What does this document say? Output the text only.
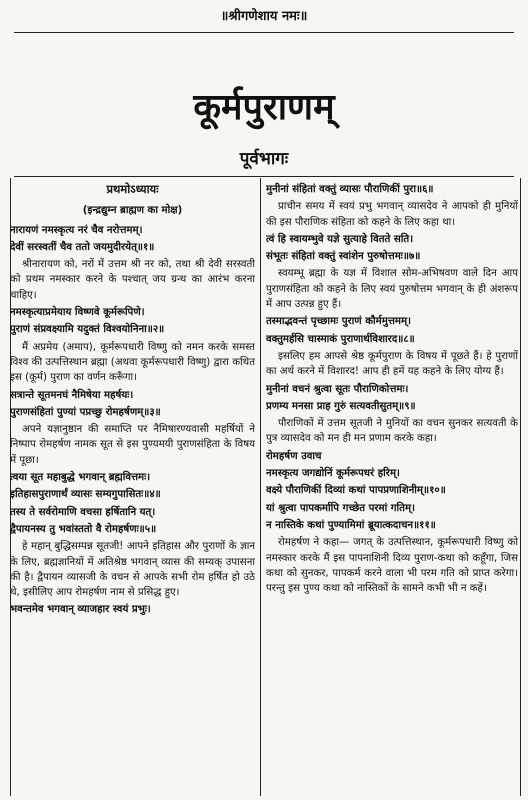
॥श्रीगणेशाय नमः॥
कूर्मपुराणम्
पूर्वभागः

प्रथमोऽध्यायः

(इन्द्रद्युम्न ब्राह्मण का मोक्ष)

नारायणं नमस्कृत्य नरं चैव नरोत्तमम्।

देवीं सरस्वतीं चैव ततो जयमुदीरयेत्॥१॥

श्रीनारायण को, नरों में उत्तम श्री नर को, तथा श्री देवी सरस्वती को प्रथम नमस्कार करने के पश्चात् जय ग्रन्थ का आरंभ करना चाहिए।

नमस्कृत्याप्रमेयाय विष्णवे कूर्मरूपिणे।

पुराणं संप्रवक्ष्यामि यदुक्तं विश्वयोनिना॥२॥

मैं अप्रमेय (अमाप), कूर्मरूपधारी विष्णु को नमन करके समस्त विश्व की उत्पत्तिस्थान ब्रह्मा (अथवा कूर्मरूपधारी विष्णु) द्वारा कथित इस (कूर्म) पुराण का वर्णन करूँगा।

सत्रान्ते सूतमनघं नैमिषेया महर्षयः।

पुराणसंहितां पुण्यां पप्रच्छु रोमहर्षणम्॥३॥

अपने यज्ञानुष्ठान की समाप्ति पर नैमिषारण्यवासी महर्षियों ने निष्पाप रोमहर्षण नामक सूत से इस पुण्यमयी पुराणसंहिता के विषय में पूछा।

त्वया सूत महाबुद्धे भगवान् ब्रह्मवित्तमः।

इतिहासपुराणार्थं व्यासः सम्यगुपासितः॥४॥

तस्य ते सर्वरोमाणि वचसा हर्षितानि यत्।

द्वैपायनस्य तु भवांस्ततो वै रोमहर्षणः॥५॥

हे महान् बुद्धिसम्पन्न सूतजी! आपने इतिहास और पुराणों के ज्ञान के लिए, ब्रह्मज्ञानियों में अतिश्रेष्ठ भगवान् व्यास की सम्यक् उपासना की है। द्वैपायन व्यासजी के वचन से आपके सभी रोम हर्षित हो उठे थे, इसीलिए आप रोमहर्षण नाम से प्रसिद्ध हुए।

भवन्तमेव भगवान् व्याजहार स्वयं प्रभुः।

मुनीनां संहितां वक्तुं व्यासः पौराणिकीं पुरा॥६॥

प्राचीन समय में स्वयं प्रभु भगवान् व्यासदेव ने आपको ही मुनियों की इस पौराणिक संहिता को कहने के लिए कहा था।

त्वं हि स्वायम्भुवे यज्ञे सुत्याहे वितते सति।

संभूतः संहितां वक्तुं स्वांशेन पुरुषोत्तमः॥७॥

स्वयम्भू ब्रह्मा के यज्ञ में विशाल सोम-अभिषवण वाले दिन आप पुराणसंहिता को कहने के लिए स्वयं पुरुषोत्तम भगवान् के ही अंशरूप में आप उत्पन्न हुए हैं।

तस्माद्भवन्तं पृच्छामः पुराणं कौर्ममुत्तमम्।

वक्तुमर्हसि चास्माकं पुराणार्थविशारद॥८॥

इसलिए हम आपसे श्रेष्ठ कूर्मपुराण के विषय में पूछते हैं। हे पुराणों का अर्थ करने में विशारद! आप ही हमें यह कहने के लिए योग्य हैं।

मुनीनां वचनं श्रुत्वा सूतः पौराणिकोत्तमः।

प्रणम्य मनसा प्राह गुरुं सत्यवतीसुतम्॥९॥

पौराणिकों में उत्तम सूतजी ने मुनियों का वचन सुनकर सत्यवती के पुत्र व्यासदेव को मन ही मन प्रणाम करके कहा।

रोमहर्षण उवाच

नमस्कृत्य जगद्योनिं कूर्मरूपधरं हरिम्।

वक्ष्ये पौराणिकीं दिव्यां कथां पापप्रणाशिनीम्॥१०॥

यां श्रुत्वा पापकर्मापि गच्छेत परमां गतिम्।

न नास्तिके कथां पुण्यामिमां ब्रूयात्कदाचन॥११॥

रोमहर्षण ने कहा— जगत् के उत्पत्तिस्थान, कूर्मरूपधारी विष्णु को नमस्कार करके मैं इस पापनाशिनी दिव्य पुराण-कथा को कहूँगा, जिस कथा को सुनकर, पापकर्म करने वाला भी परम गति को प्राप्त करेगा। परन्तु इस पुण्य कथा को नास्तिकों के सामने कभी भी न कहें।
